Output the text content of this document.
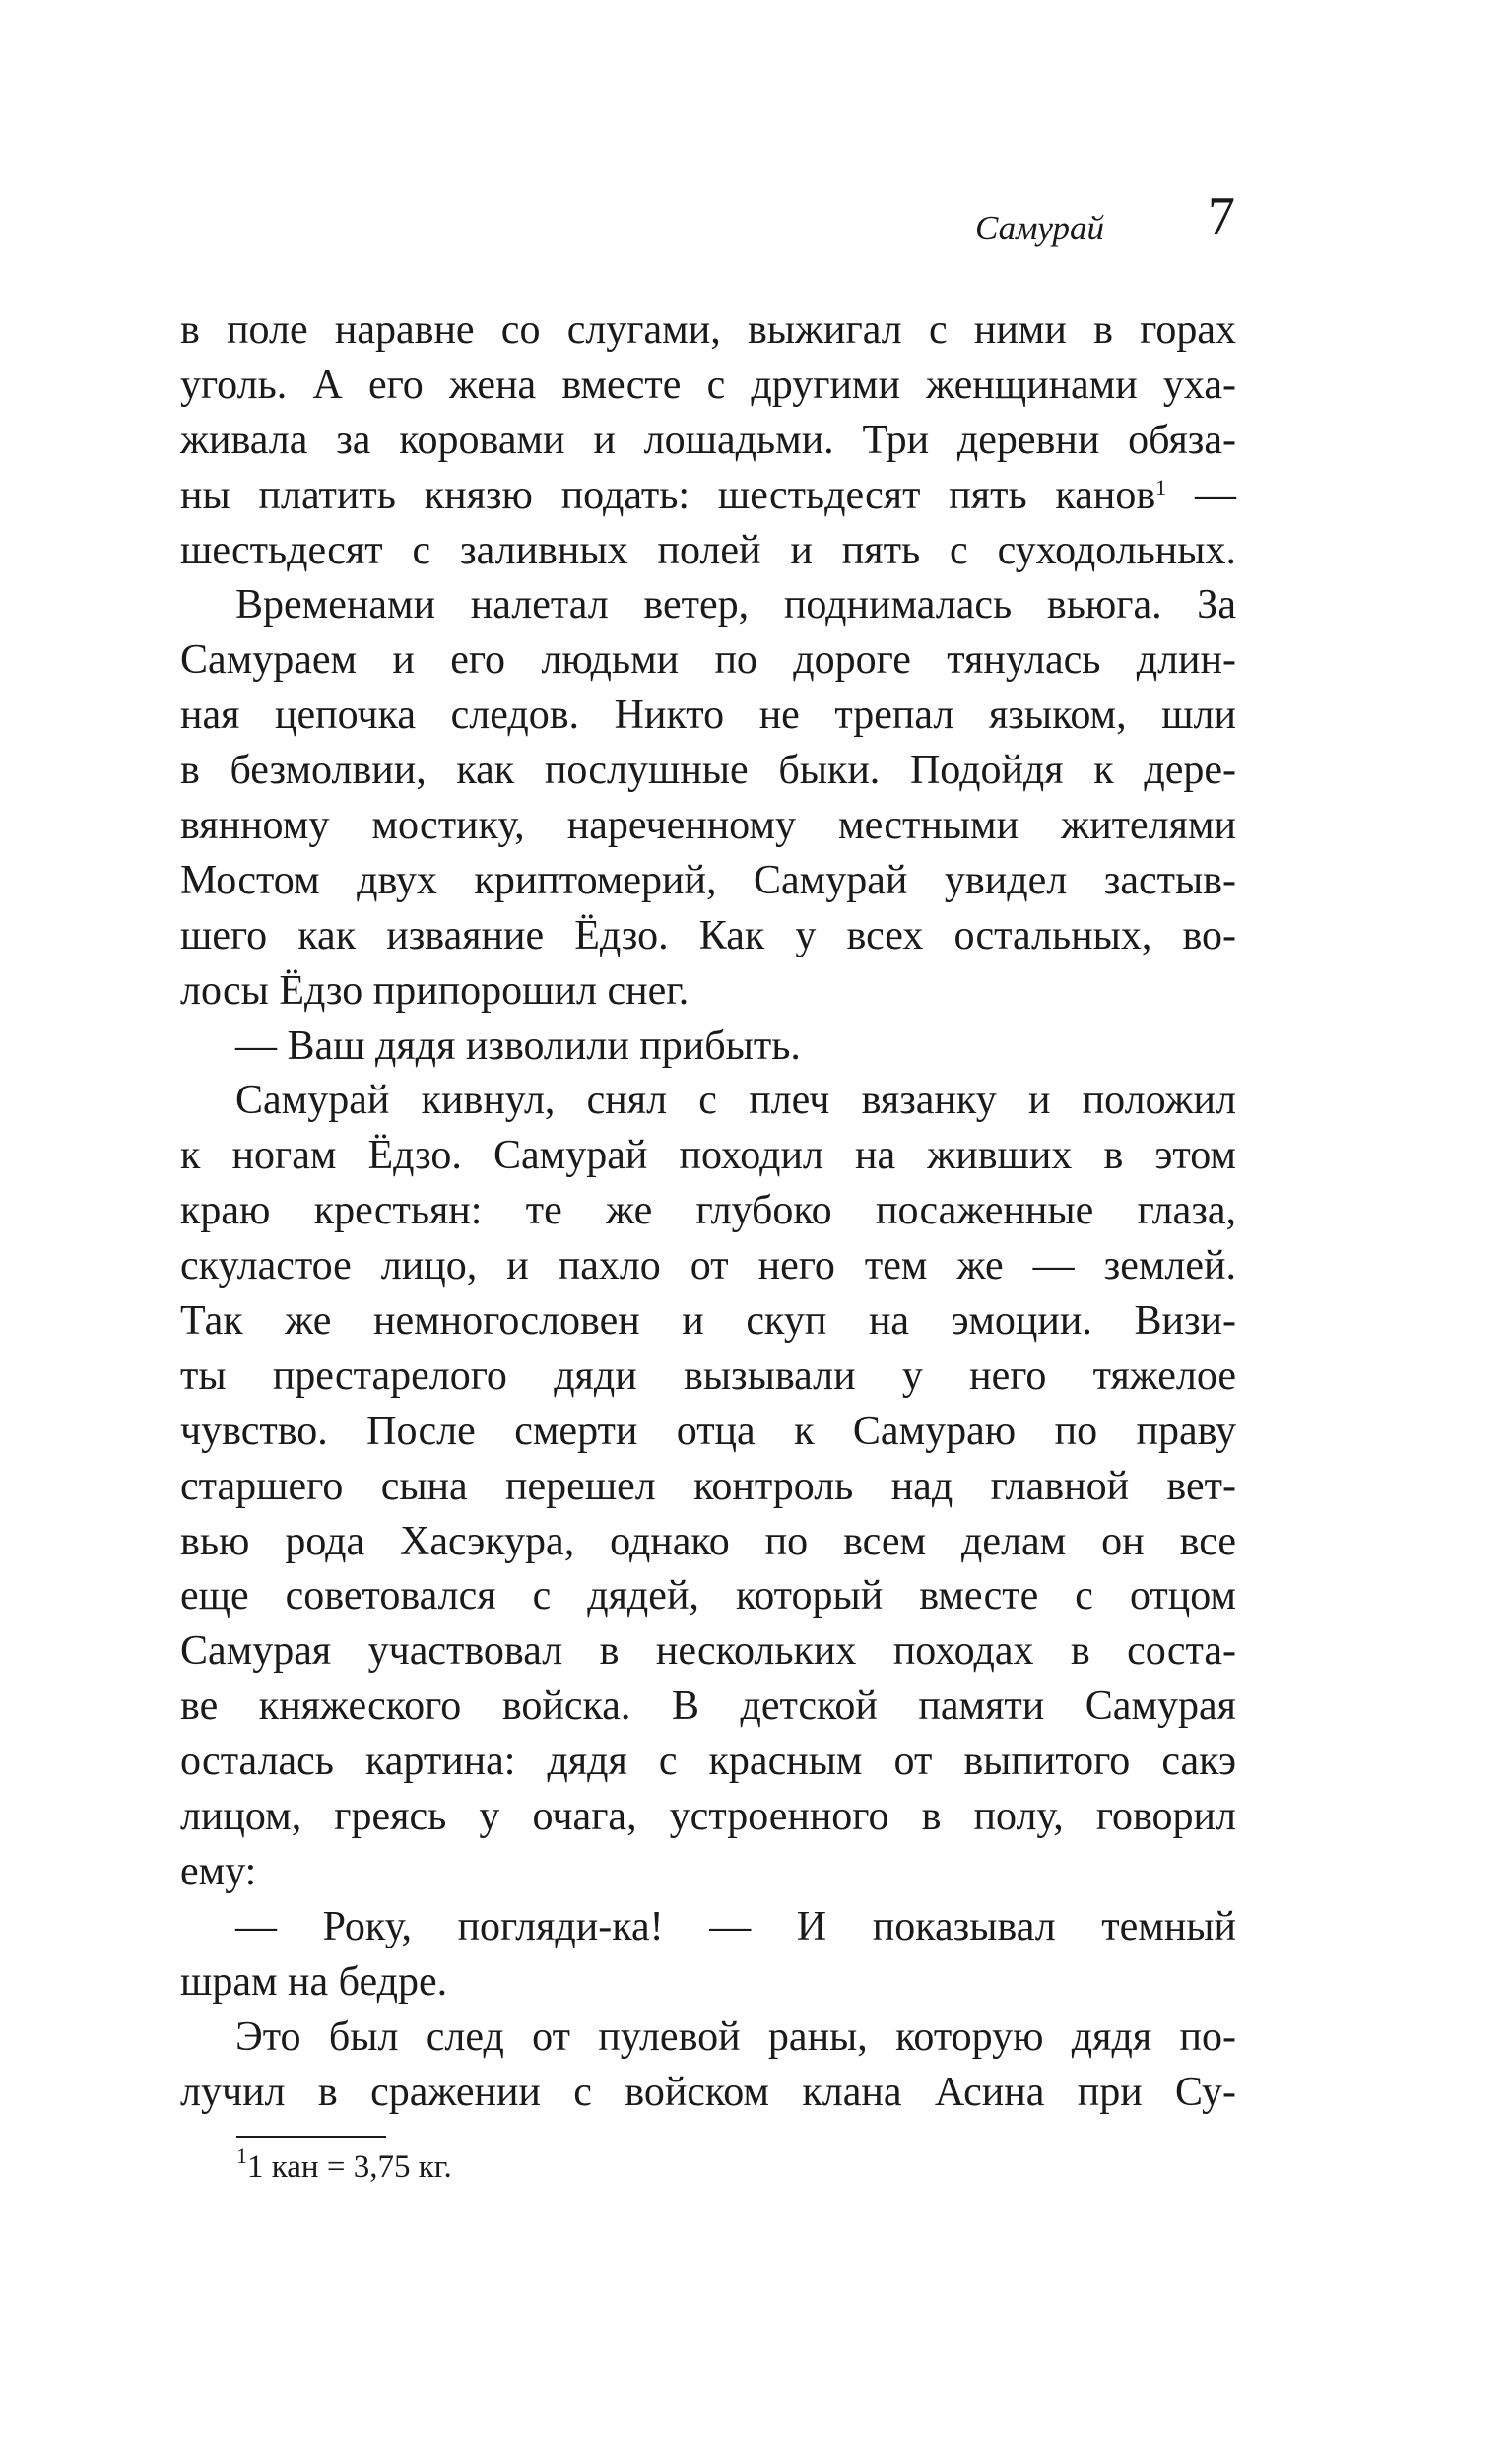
Самурай 7
в поле наравне со слугами, выжигал с ними в горах
уголь. А его жена вместе с другими женщинами уха-
живала за коровами и лошадьми. Три деревни обяза-
ны платить князю подать: шестьдесят пять канов$^1$ —
шестьдесят с заливных полей и пять с суходольных.
Временами налетал ветер, поднималась вьюга. За
Самураем и его людьми по дороге тянулась длин-
ная цепочка следов. Никто не трепал языком, шли
в безмолвии, как послушные быки. Подойдя к дере-
вянному мостику, нареченному местными жителями
Мостом двух криптомерий, Самурай увидел застыв-
шего как изваяние Ёдзо. Как у всех остальных, во-
лосы Ёдзо припорошил снег.
— Ваш дядя изволили прибыть.
Самурай кивнул, снял с плеч вязанку и положил
к ногам Ёдзо. Самурай походил на живших в этом
краю крестьян: те же глубоко посаженные глаза,
скуластое лицо, и пахло от него тем же — землей.
Так же немногословен и скуп на эмоции. Визи-
ты престарелого дяди вызывали у него тяжелое
чувство. После смерти отца к Самураю по праву
старшего сына перешел контроль над главной вет-
вью рода Хасэкура, однако по всем делам он все
еще советовался с дядей, который вместе с отцом
Самурая участвовал в нескольких походах в соста-
ве княжеского войска. В детской памяти Самурая
осталась картина: дядя с красным от выпитого сакэ
лицом, греясь у очага, устроенного в полу, говорил
ему:
— Року, погляди-ка! — И показывал темный
шрам на бедре.
Это был след от пулевой раны, которую дядя по-
лучил в сражении с войском клана Асина при Су-
$^1$1 кан = 3,75 кг.
